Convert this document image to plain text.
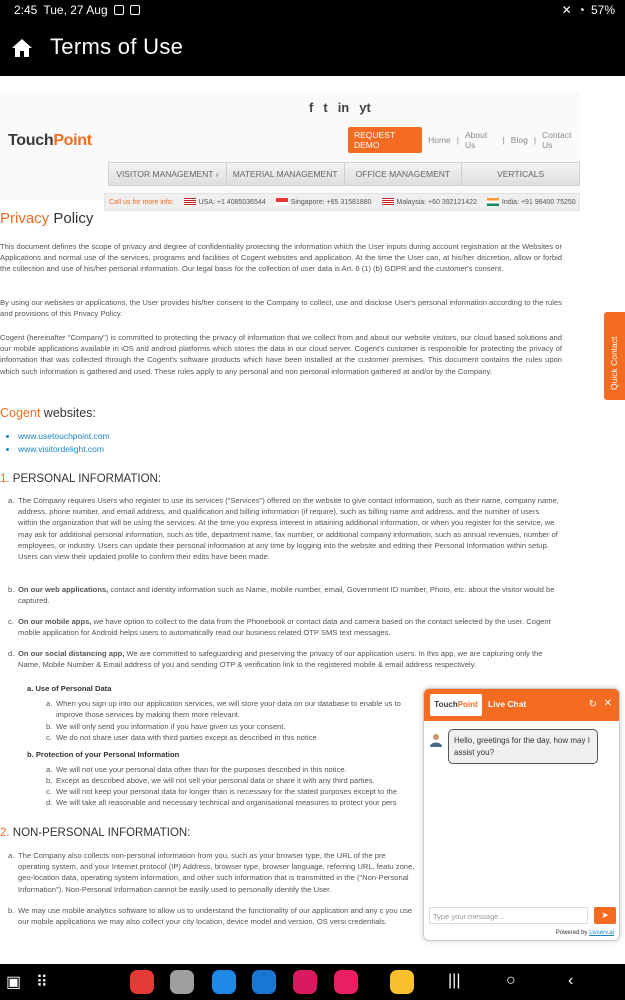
2:45 Tue, 27 Aug	✕ ◔ 57%
Terms of Use
f t in yt
TouchPoint	REQUEST DEMO	Home | About Us	| Blog | Contact Us
VISITOR MANAGEMENT ›	MATERIAL MANAGEMENT	OFFICE MANAGEMENT	VERTICALS
Call us for more info:	USA: +1 4085036544	Singapore: +65 31581880	Malaysia: +60 392121422	India: +91 98400 75250
Privacy Policy
This document defines the scope of privacy and degree of confidentiality protecting the information which the User inputs during account registration at the Websites or Applications and normal use of the services, programs and facilities of Cogent websites and application. At the time the User can, at his/her discretion, allow or forbid the collection and use of his/her personal information. Our legal basis for the collection of user data is Art. 6 (1) (b) GDPR and the customer's consent.
By using our websites or applications, the User provides his/her consent to the Company to collect, use and disclose User's personal information according to the rules and provisions of this Privacy Policy.
Cogent (hereinafter "Company") is committed to protecting the privacy of information that we collect from and about our website visitors, our cloud based solutions and our mobile applications available in iOS and android platforms which stores the data in our cloud server. Cogent's customer is responsible for protecting the privacy of information that was collected through the Cogent's software products which have been installed at the customer premises. This document contains the rules upon which such information is gathered and used. These rules apply to any personal and non personal information gathered at and/or by the Company.
Cogent websites:
• www.usetouchpoint.com
• www.visitordelight.com
1. PERSONAL INFORMATION:
a. The Company requires Users who register to use its services ("Services") offered on the website to give contact information, such as their name, company name, address, phone number, and email address, and qualification and billing information (if require), such as billing name and address, and the number of users within the organization that will be using the services. At the time you express interest in attaining additional information, or when you register for the service, we may ask for additional personal information, such as title, department name, fax number, or additional company information, such as annual revenues, number of employees, or industry. Users can update their personal information at any time by logging into the website and editing their Personal Information within setup. Users can view their updated profile to confirm their edits have been made.
b. On our web applications, contact and identity information such as Name, mobile number, email, Government ID number, Photo, etc. about the visitor would be captured.
c. On our mobile apps, we have option to collect to the data from the Phonebook or contact data and camera based on the contact selected by the user. Cogent mobile application for Android helps users to automatically read our business related OTP SMS text messages.
d. On our social distancing app, We are committed to safeguarding and preserving the privacy of our application users. In this app, we are capturing only the Name, Mobile Number & Email address of you and sending OTP & verification link to the registered mobile & email address respectively.
a. Use of Personal Data
a. When you sign up into our application services, we will store your data on our database to enable us to
improve those services by making them more relevant.
b. We will only send you information if you have given us your consent.
c. We do not share user data with third parties except as described in this notice
b. Protection of your Personal Information
a. We will not use your personal data other than for the purposes described in this notice.
b. Except as described above, we will not sell your personal data or share it with any third parties.
c. We will not keep your personal data for longer than is necessary for the stated purposes except to the
d. We will take all reasonable and necessary technical and organisational measures to protect your pers
2. NON-PERSONAL INFORMATION:
a. The Company also collects non-personal information from you, such as your browser type, the URL of the pre operating system, and your Internet protocol (IP) Address, browser type, browser language, referring URL, featu zone, geo-location data, operating system information, and other such information that is transmitted in the ("Non-Personal Information"). Non-Personal Information cannot be easily used to personally identify the User.
b. We may use mobile analytics software to allow us to understand the functionality of our application and any c you use our mobile applications we may also collect your city location, device model and version, OS versi credentials.
Quick Contact
TouchPoint	Live Chat	↻ ✕
Hello, greetings for the day, how may I assist you?
Type your message...	➤
Powered by Livserv.ai
▣ ⠿	|||	○	‹
